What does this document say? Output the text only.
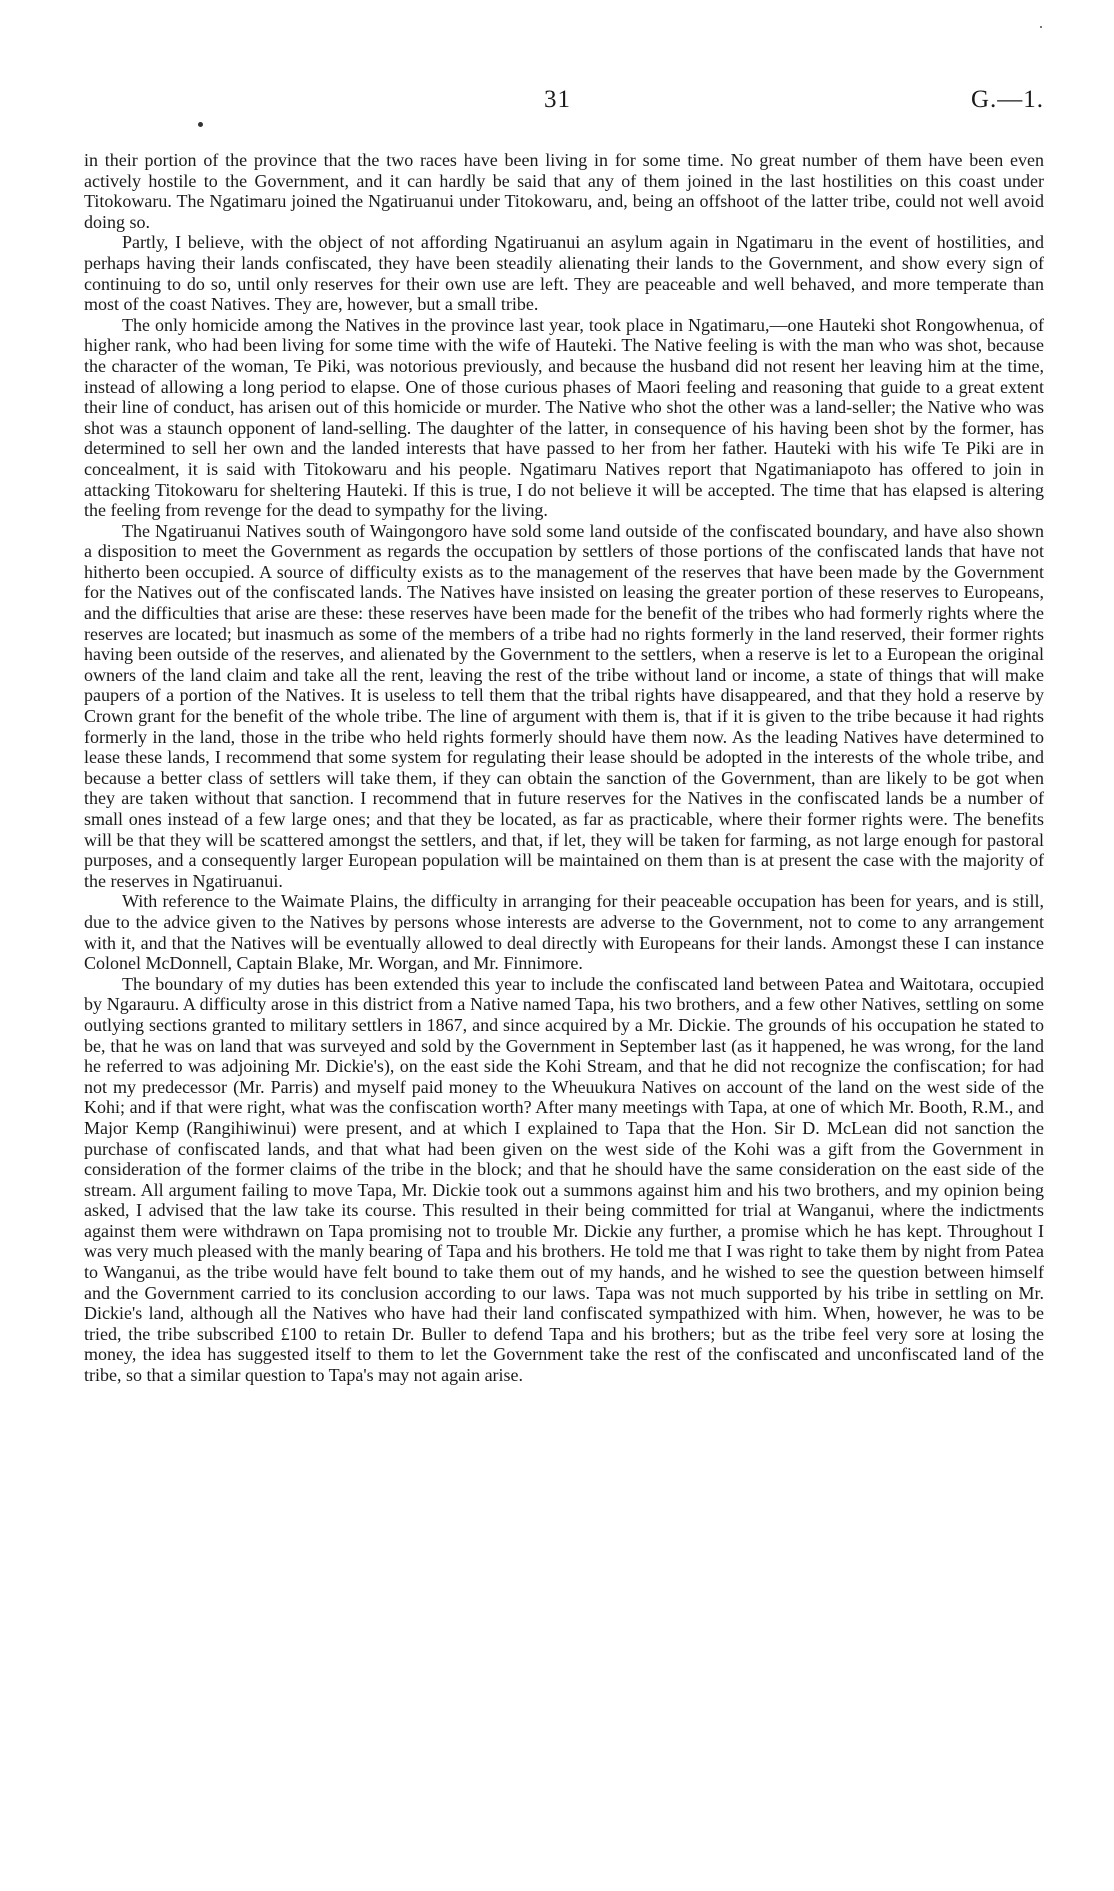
31	G.—1.

in their portion of the province that the two races have been living in for some time. No great number of them have been even actively hostile to the Government, and it can hardly be said that any of them joined in the last hostilities on this coast under Titokowaru. The Ngatimaru joined the Ngatiruanui under Titokowaru, and, being an offshoot of the latter tribe, could not well avoid doing so.

Partly, I believe, with the object of not affording Ngatiruanui an asylum again in Ngatimaru in the event of hostilities, and perhaps having their lands confiscated, they have been steadily alienating their lands to the Government, and show every sign of continuing to do so, until only reserves for their own use are left. They are peaceable and well behaved, and more temperate than most of the coast Natives. They are, however, but a small tribe.

The only homicide among the Natives in the province last year, took place in Ngatimaru,—one Hauteki shot Rongowhenua, of higher rank, who had been living for some time with the wife of Hauteki. The Native feeling is with the man who was shot, because the character of the woman, Te Piki, was notorious previously, and because the husband did not resent her leaving him at the time, instead of allowing a long period to elapse. One of those curious phases of Maori feeling and reasoning that guide to a great extent their line of conduct, has arisen out of this homicide or murder. The Native who shot the other was a land-seller; the Native who was shot was a staunch opponent of land-selling. The daughter of the latter, in consequence of his having been shot by the former, has determined to sell her own and the landed interests that have passed to her from her father. Hauteki with his wife Te Piki are in concealment, it is said with Titokowaru and his people. Ngatimaru Natives report that Ngatimaniapoto has offered to join in attacking Titokowaru for sheltering Hauteki. If this is true, I do not believe it will be accepted. The time that has elapsed is altering the feeling from revenge for the dead to sympathy for the living.

The Ngatiruanui Natives south of Waingongoro have sold some land outside of the confiscated boundary, and have also shown a disposition to meet the Government as regards the occupation by settlers of those portions of the confiscated lands that have not hitherto been occupied. A source of difficulty exists as to the management of the reserves that have been made by the Government for the Natives out of the confiscated lands. The Natives have insisted on leasing the greater portion of these reserves to Europeans, and the difficulties that arise are these: these reserves have been made for the benefit of the tribes who had formerly rights where the reserves are located; but inasmuch as some of the members of a tribe had no rights formerly in the land reserved, their former rights having been outside of the reserves, and alienated by the Government to the settlers, when a reserve is let to a European the original owners of the land claim and take all the rent, leaving the rest of the tribe without land or income, a state of things that will make paupers of a portion of the Natives. It is useless to tell them that the tribal rights have disappeared, and that they hold a reserve by Crown grant for the benefit of the whole tribe. The line of argument with them is, that if it is given to the tribe because it had rights formerly in the land, those in the tribe who held rights formerly should have them now. As the leading Natives have determined to lease these lands, I recommend that some system for regulating their lease should be adopted in the interests of the whole tribe, and because a better class of settlers will take them, if they can obtain the sanction of the Government, than are likely to be got when they are taken without that sanction. I recommend that in future reserves for the Natives in the confiscated lands be a number of small ones instead of a few large ones; and that they be located, as far as practicable, where their former rights were. The benefits will be that they will be scattered amongst the settlers, and that, if let, they will be taken for farming, as not large enough for pastoral purposes, and a consequently larger European population will be maintained on them than is at present the case with the majority of the reserves in Ngatiruanui.

With reference to the Waimate Plains, the difficulty in arranging for their peaceable occupation has been for years, and is still, due to the advice given to the Natives by persons whose interests are adverse to the Government, not to come to any arrangement with it, and that the Natives will be eventually allowed to deal directly with Europeans for their lands. Amongst these I can instance Colonel McDonnell, Captain Blake, Mr. Worgan, and Mr. Finnimore.

The boundary of my duties has been extended this year to include the confiscated land between Patea and Waitotara, occupied by Ngarauru. A difficulty arose in this district from a Native named Tapa, his two brothers, and a few other Natives, settling on some outlying sections granted to military settlers in 1867, and since acquired by a Mr. Dickie. The grounds of his occupation he stated to be, that he was on land that was surveyed and sold by the Government in September last (as it happened, he was wrong, for the land he referred to was adjoining Mr. Dickie's), on the east side the Kohi Stream, and that he did not recognize the confiscation; for had not my predecessor (Mr. Parris) and myself paid money to the Wheuukura Natives on account of the land on the west side of the Kohi; and if that were right, what was the confiscation worth? After many meetings with Tapa, at one of which Mr. Booth, R.M., and Major Kemp (Rangihiwinui) were present, and at which I explained to Tapa that the Hon. Sir D. McLean did not sanction the purchase of confiscated lands, and that what had been given on the west side of the Kohi was a gift from the Government in consideration of the former claims of the tribe in the block; and that he should have the same consideration on the east side of the stream. All argument failing to move Tapa, Mr. Dickie took out a summons against him and his two brothers, and my opinion being asked, I advised that the law take its course. This resulted in their being committed for trial at Wanganui, where the indictments against them were withdrawn on Tapa promising not to trouble Mr. Dickie any further, a promise which he has kept. Throughout I was very much pleased with the manly bearing of Tapa and his brothers. He told me that I was right to take them by night from Patea to Wanganui, as the tribe would have felt bound to take them out of my hands, and he wished to see the question between himself and the Government carried to its conclusion according to our laws. Tapa was not much supported by his tribe in settling on Mr. Dickie's land, although all the Natives who have had their land confiscated sympathized with him. When, however, he was to be tried, the tribe subscribed £100 to retain Dr. Buller to defend Tapa and his brothers; but as the tribe feel very sore at losing the money, the idea has suggested itself to them to let the Government take the rest of the confiscated and unconfiscated land of the tribe, so that a similar question to Tapa's may not again arise.
